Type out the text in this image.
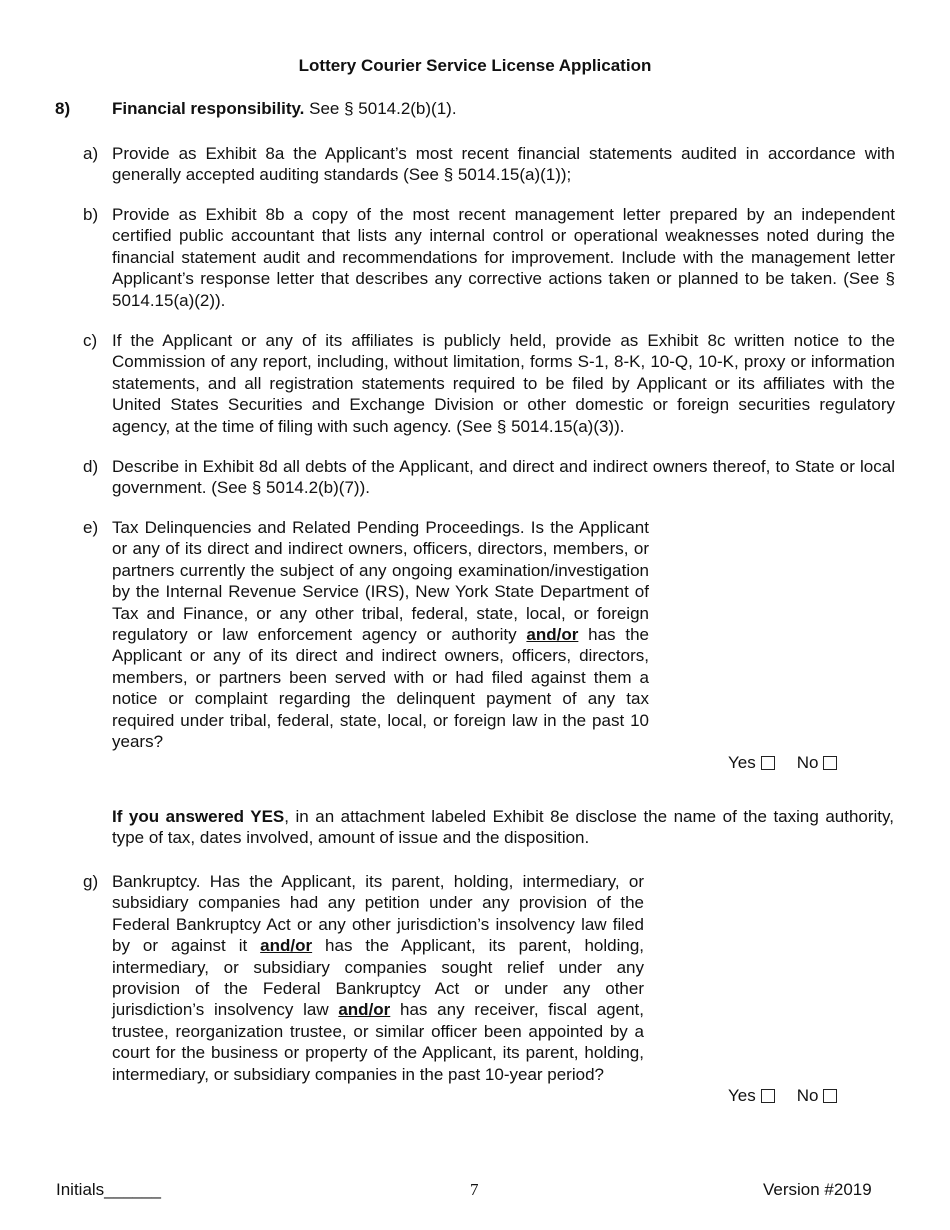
Lottery Courier Service License Application
8) Financial responsibility. See § 5014.2(b)(1).
a) Provide as Exhibit 8a the Applicant’s most recent financial statements audited in accordance with generally accepted auditing standards (See § 5014.15(a)(1));
b) Provide as Exhibit 8b a copy of the most recent management letter prepared by an independent certified public accountant that lists any internal control or operational weaknesses noted during the financial statement audit and recommendations for improvement. Include with the management letter Applicant’s response letter that describes any corrective actions taken or planned to be taken. (See § 5014.15(a)(2)).
c) If the Applicant or any of its affiliates is publicly held, provide as Exhibit 8c written notice to the Commission of any report, including, without limitation, forms S-1, 8-K, 10-Q, 10-K, proxy or information statements, and all registration statements required to be filed by Applicant or its affiliates with the United States Securities and Exchange Division or other domestic or foreign securities regulatory agency, at the time of filing with such agency. (See § 5014.15(a)(3)).
d) Describe in Exhibit 8d all debts of the Applicant, and direct and indirect owners thereof, to State or local government. (See § 5014.2(b)(7)).
e) Tax Delinquencies and Related Pending Proceedings. Is the Applicant or any of its direct and indirect owners, officers, directors, members, or partners currently the subject of any ongoing examination/investigation by the Internal Revenue Service (IRS), New York State Department of Tax and Finance, or any other tribal, federal, state, local, or foreign regulatory or law enforcement agency or authority and/or has the Applicant or any of its direct and indirect owners, officers, directors, members, or partners been served with or had filed against them a notice or complaint regarding the delinquent payment of any tax required under tribal, federal, state, local, or foreign law in the past 10 years?
Yes No
If you answered YES, in an attachment labeled Exhibit 8e disclose the name of the taxing authority, type of tax, dates involved, amount of issue and the disposition.
g) Bankruptcy. Has the Applicant, its parent, holding, intermediary, or subsidiary companies had any petition under any provision of the Federal Bankruptcy Act or any other jurisdiction’s insolvency law filed by or against it and/or has the Applicant, its parent, holding, intermediary, or subsidiary companies sought relief under any provision of the Federal Bankruptcy Act or under any other jurisdiction’s insolvency law and/or has any receiver, fiscal agent, trustee, reorganization trustee, or similar officer been appointed by a court for the business or property of the Applicant, its parent, holding, intermediary, or subsidiary companies in the past 10-year period?
Yes No
Initials______	7	Version #2019
